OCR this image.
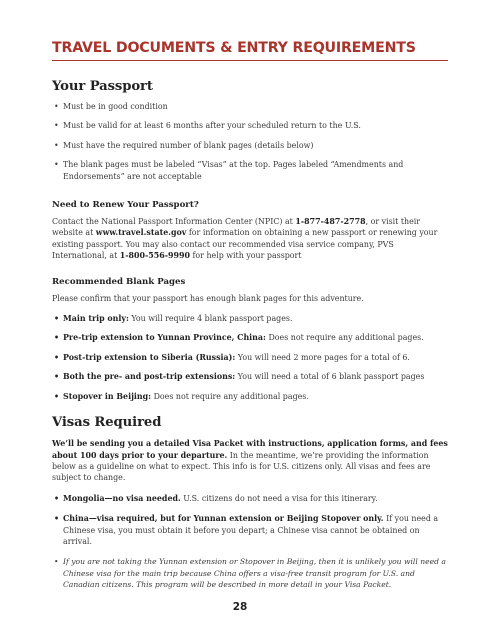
TRAVEL DOCUMENTS & ENTRY REQUIREMENTS
Your Passport
• Must be in good condition
• Must be valid for at least 6 months after your scheduled return to the U.S.
• Must have the required number of blank pages (details below)
• The blank pages must be labeled “Visas” at the top. Pages labeled “Amendments and Endorsements” are not acceptable
Need to Renew Your Passport?

Contact the National Passport Information Center (NPIC) at 1-877-487-2778, or visit their website at www.travel.state.gov for information on obtaining a new passport or renewing your existing passport. You may also contact our recommended visa service company, PVS International, at 1-800-556-9990 for help with your passport

Recommended Blank Pages

Please confirm that your passport has enough blank pages for this adventure.

• Main trip only: You will require 4 blank passport pages.
• Pre-trip extension to Yunnan Province, China: Does not require any additional pages.
• Post-trip extension to Siberia (Russia): You will need 2 more pages for a total of 6.
• Both the pre- and post-trip extensions: You will need a total of 6 blank passport pages
• Stopover in Beijing: Does not require any additional pages.
Visas Required

We’ll be sending you a detailed Visa Packet with instructions, application forms, and fees about 100 days prior to your departure. In the meantime, we’re providing the information below as a guideline on what to expect. This info is for U.S. citizens only. All visas and fees are subject to change.

• Mongolia—no visa needed. U.S. citizens do not need a visa for this itinerary.
• China—visa required, but for Yunnan extension or Beijing Stopover only. If you need a Chinese visa, you must obtain it before you depart; a Chinese visa cannot be obtained on arrival.
• If you are not taking the Yunnan extension or Stopover in Beijing, then it is unlikely you will need a Chinese visa for the main trip because China offers a visa-free transit program for U.S. and Canadian citizens. This program will be described in more detail in your Visa Packet.
28
